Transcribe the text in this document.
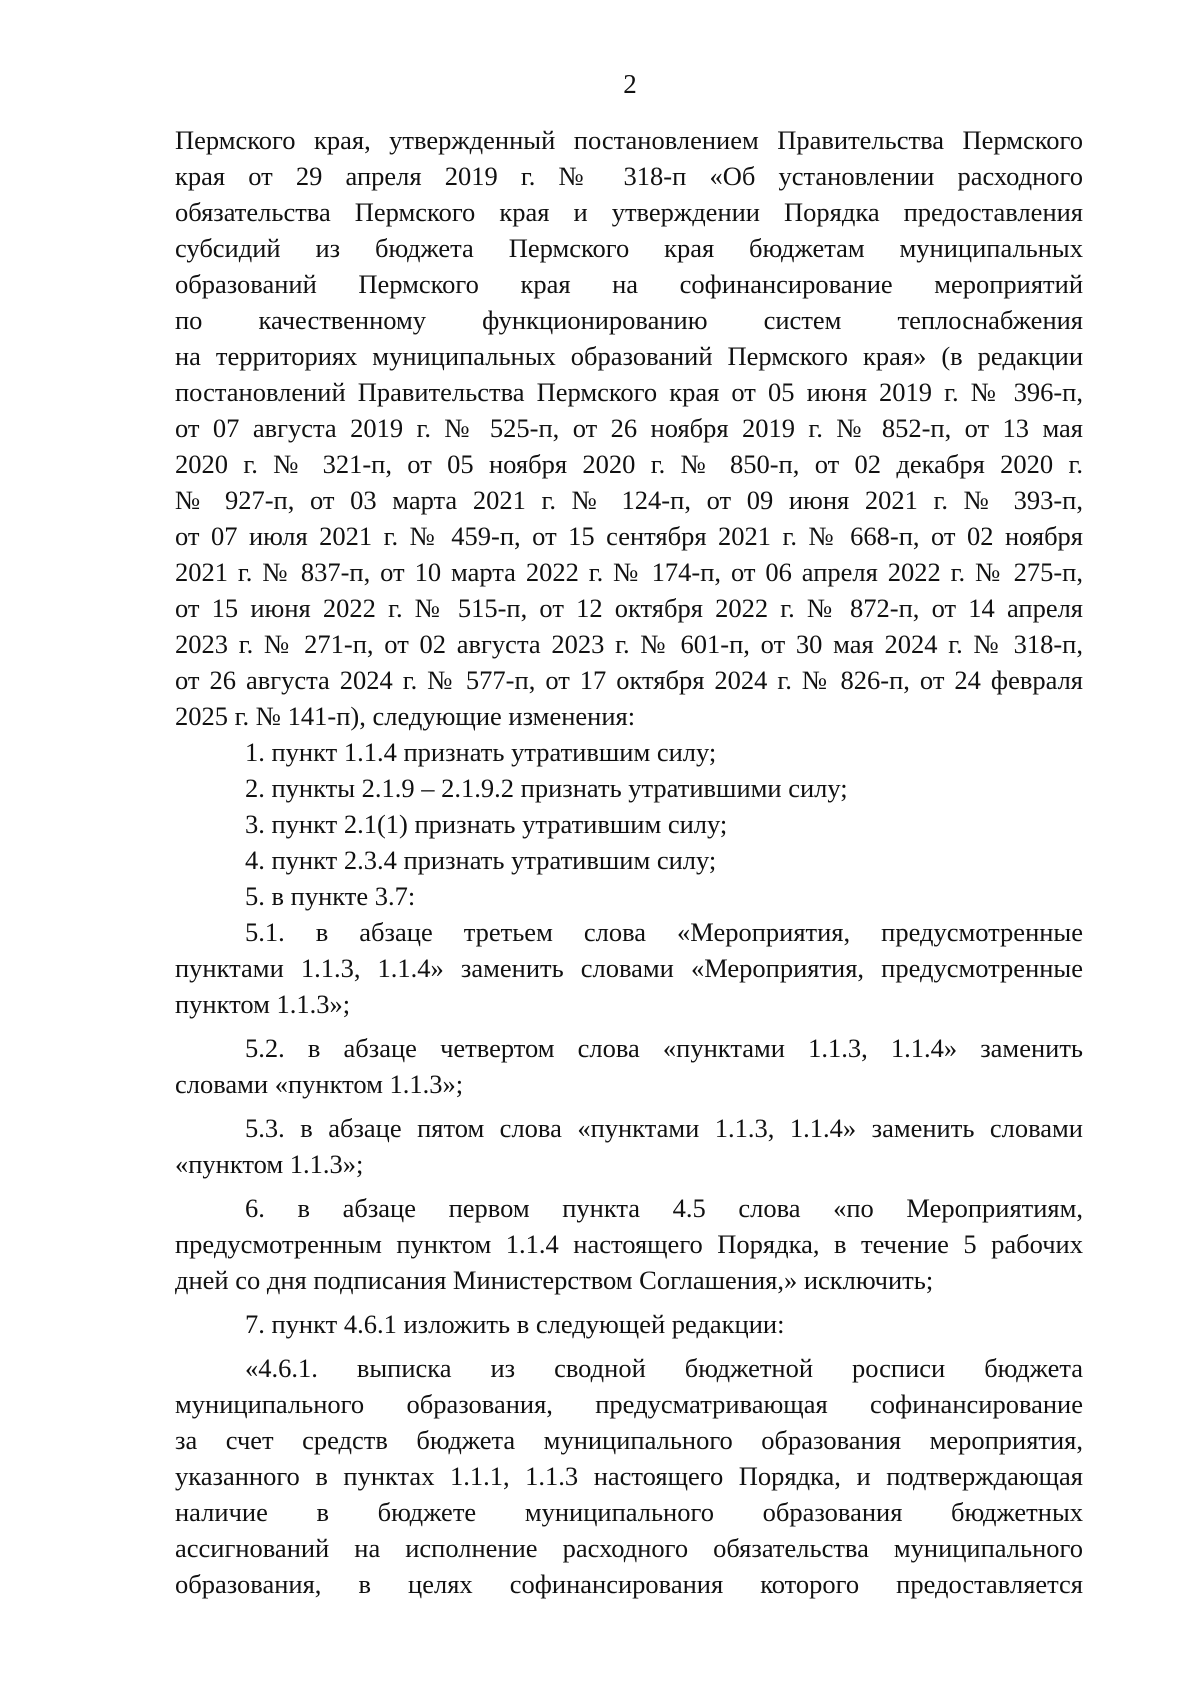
2
Пермского края, утвержденный постановлением Правительства Пермского
края от 29 апреля 2019 г. № 318-п «Об установлении расходного
обязательства Пермского края и утверждении Порядка предоставления
субсидий из бюджета Пермского края бюджетам муниципальных
образований Пермского края на софинансирование мероприятий
по качественному функционированию систем теплоснабжения
на территориях муниципальных образований Пермского края» (в редакции
постановлений Правительства Пермского края от 05 июня 2019 г. № 396-п,
от 07 августа 2019 г. № 525-п, от 26 ноября 2019 г. № 852-п, от 13 мая
2020 г. № 321-п, от 05 ноября 2020 г. № 850-п, от 02 декабря 2020 г.
№ 927-п, от 03 марта 2021 г. № 124-п, от 09 июня 2021 г. № 393-п,
от 07 июля 2021 г. № 459-п, от 15 сентября 2021 г. № 668-п, от 02 ноября
2021 г. № 837-п, от 10 марта 2022 г. № 174-п, от 06 апреля 2022 г. № 275-п,
от 15 июня 2022 г. № 515-п, от 12 октября 2022 г. № 872-п, от 14 апреля
2023 г. № 271-п, от 02 августа 2023 г. № 601-п, от 30 мая 2024 г. № 318-п,
от 26 августа 2024 г. № 577-п, от 17 октября 2024 г. № 826-п, от 24 февраля
2025 г. № 141-п), следующие изменения:
1. пункт 1.1.4 признать утратившим силу;
2. пункты 2.1.9 – 2.1.9.2 признать утратившими силу;
3. пункт 2.1(1) признать утратившим силу;
4. пункт 2.3.4 признать утратившим силу;
5. в пункте 3.7:
5.1. в абзаце третьем слова «Мероприятия, предусмотренные
пунктами 1.1.3, 1.1.4» заменить словами «Мероприятия, предусмотренные
пунктом 1.1.3»;
5.2. в абзаце четвертом слова «пунктами 1.1.3, 1.1.4» заменить
словами «пунктом 1.1.3»;
5.3. в абзаце пятом слова «пунктами 1.1.3, 1.1.4» заменить словами
«пунктом 1.1.3»;
6. в абзаце первом пункта 4.5 слова «по Мероприятиям,
предусмотренным пунктом 1.1.4 настоящего Порядка, в течение 5 рабочих
дней со дня подписания Министерством Соглашения,» исключить;
7. пункт 4.6.1 изложить в следующей редакции:
«4.6.1. выписка из сводной бюджетной росписи бюджета
муниципального образования, предусматривающая софинансирование
за счет средств бюджета муниципального образования мероприятия,
указанного в пунктах 1.1.1, 1.1.3 настоящего Порядка, и подтверждающая
наличие в бюджете муниципального образования бюджетных
ассигнований на исполнение расходного обязательства муниципального
образования, в целях софинансирования которого предоставляется
